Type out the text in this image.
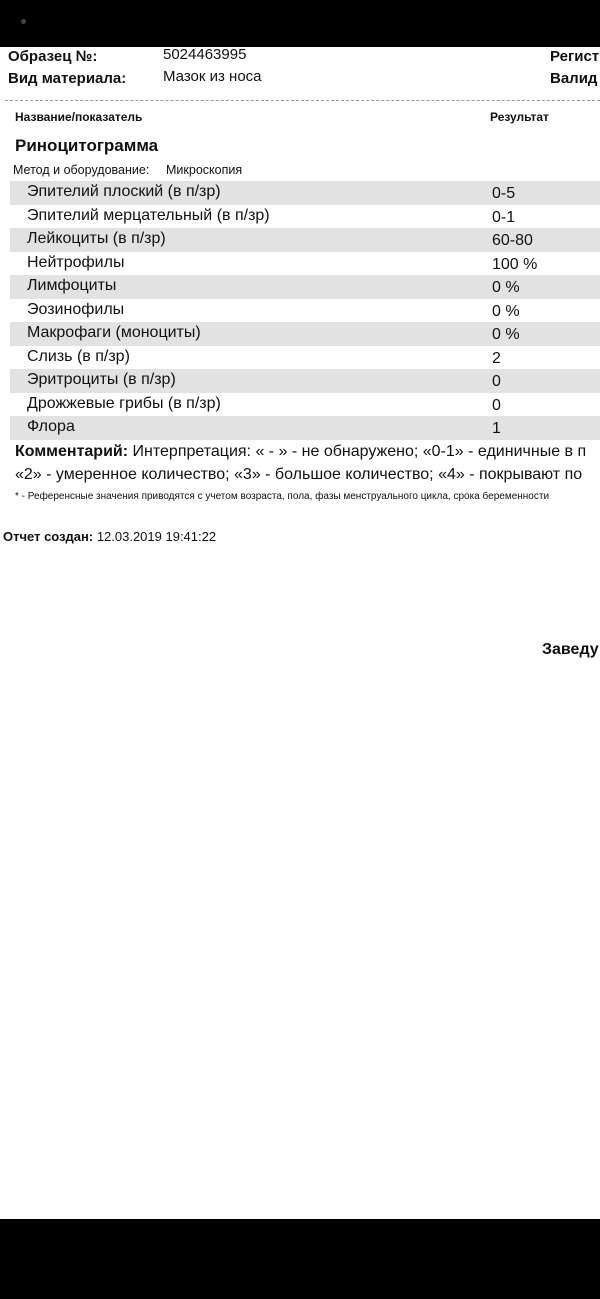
Образец №:	5024463995	Регист
Вид материала: Мазок из носа	Валид
Название/показатель	Результат
Риноцитограмма
Метод и оборудование: Микроскопия
Эпителий плоский (в п/зр)	0-5
Эпителий мерцательный (в п/зр)	0-1
Лейкоциты (в п/зр)	60-80
Нейтрофилы	100 %
Лимфоциты	0 %
Эозинофилы	0 %
Макрофаги (моноциты)	0 %
Слизь (в п/зр)	2
Эритроциты (в п/зр)	0
Дрожжевые грибы (в п/зр)	0
Флора	1
Комментарий: Интерпретация: « - » - не обнаружено; «0-1» - единичные в п
«2» - умеренное количество; «3» - большое количество; «4» - покрывают по
* - Референсные значения приводятся с учетом возраста, пола, фазы менструального цикла, срока беременности
Отчет создан: 12.03.2019 19:41:22
Заведу
